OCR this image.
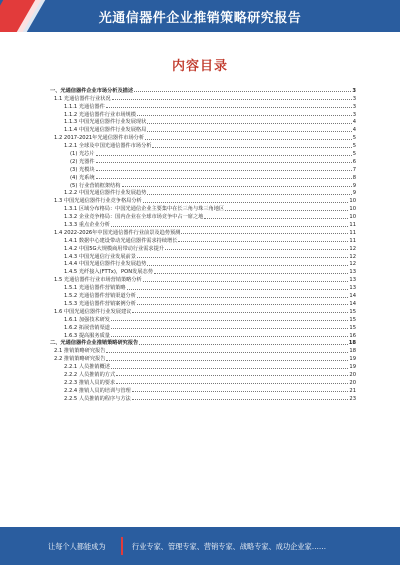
光通信器件企业推销策略研究报告
内容目录
一、光通信器件企业市场分析及描述	3
1.1 光通信器件行业状况	3
1.1.1 光通信器件	3
1.1.2 光通信器件行业市场规模	3
1.1.3 中国光通信器件行业发展现状	4
1.1.4 中国光通信器件行业发展格局	4
1.2 2017-2021年光通信器件市场分析	5
1.2.1 全球及中国光通信器件市场分析	5
(1) 光芯片	5
(2) 光器件	6
(3) 光模块	7
(4) 光系统	8
(5) 行业营销框架结构	9
1.2.2 中国光通信器件行业发展趋势	9
1.3 中国光通信器件行业竞争格局分析	10
1.3.1 区域分布格局：中国光通信企业主要集中在长三角与珠三角地区	10
1.3.2 企业竞争格局：国内企业在全球市场竞争中占一席之地	10
1.3.3 重点企业分析	11
1.4 2022-2026年中国光通信器件行业前景及趋势预测	11
1.4.1 数据中心建设带动光通信器件需求持续增长	11
1.4.2 中国5G大规模商用带动行业需求提升	12
1.4.3 中国光通信行业发展前景	12
1.4.4 中国光通信器件行业发展趋势	12
1.4.5 光纤接入(FTTx)，PON发展态势	13
1.5 光通信器件行业市场营销策略分析	13
1.5.1 光通信器件营销策略	13
1.5.2 光通信器件营销渠道分析	14
1.5.3 光通信器件营销案例分析	14
1.6 中国光通信器件行业发展建议	15
1.6.1 加强技术研发	15
1.6.2 拓展营销渠道	15
1.6.3 提高服务质量	16
二、光通信器件企业推销策略研究报告	18
2.1 推销策略研究报告	18
2.2 推销策略研究报告	19
2.2.1 人员推销概述	19
2.2.2 人员推销的方式	20
2.2.3 推销人员的要求	20
2.2.4 推销人员的培训与管理	21
2.2.5 人员推销的程序与方法	23
让每个人都能成为	行业专家、管理专家、营销专家、战略专家、成功企业家……
